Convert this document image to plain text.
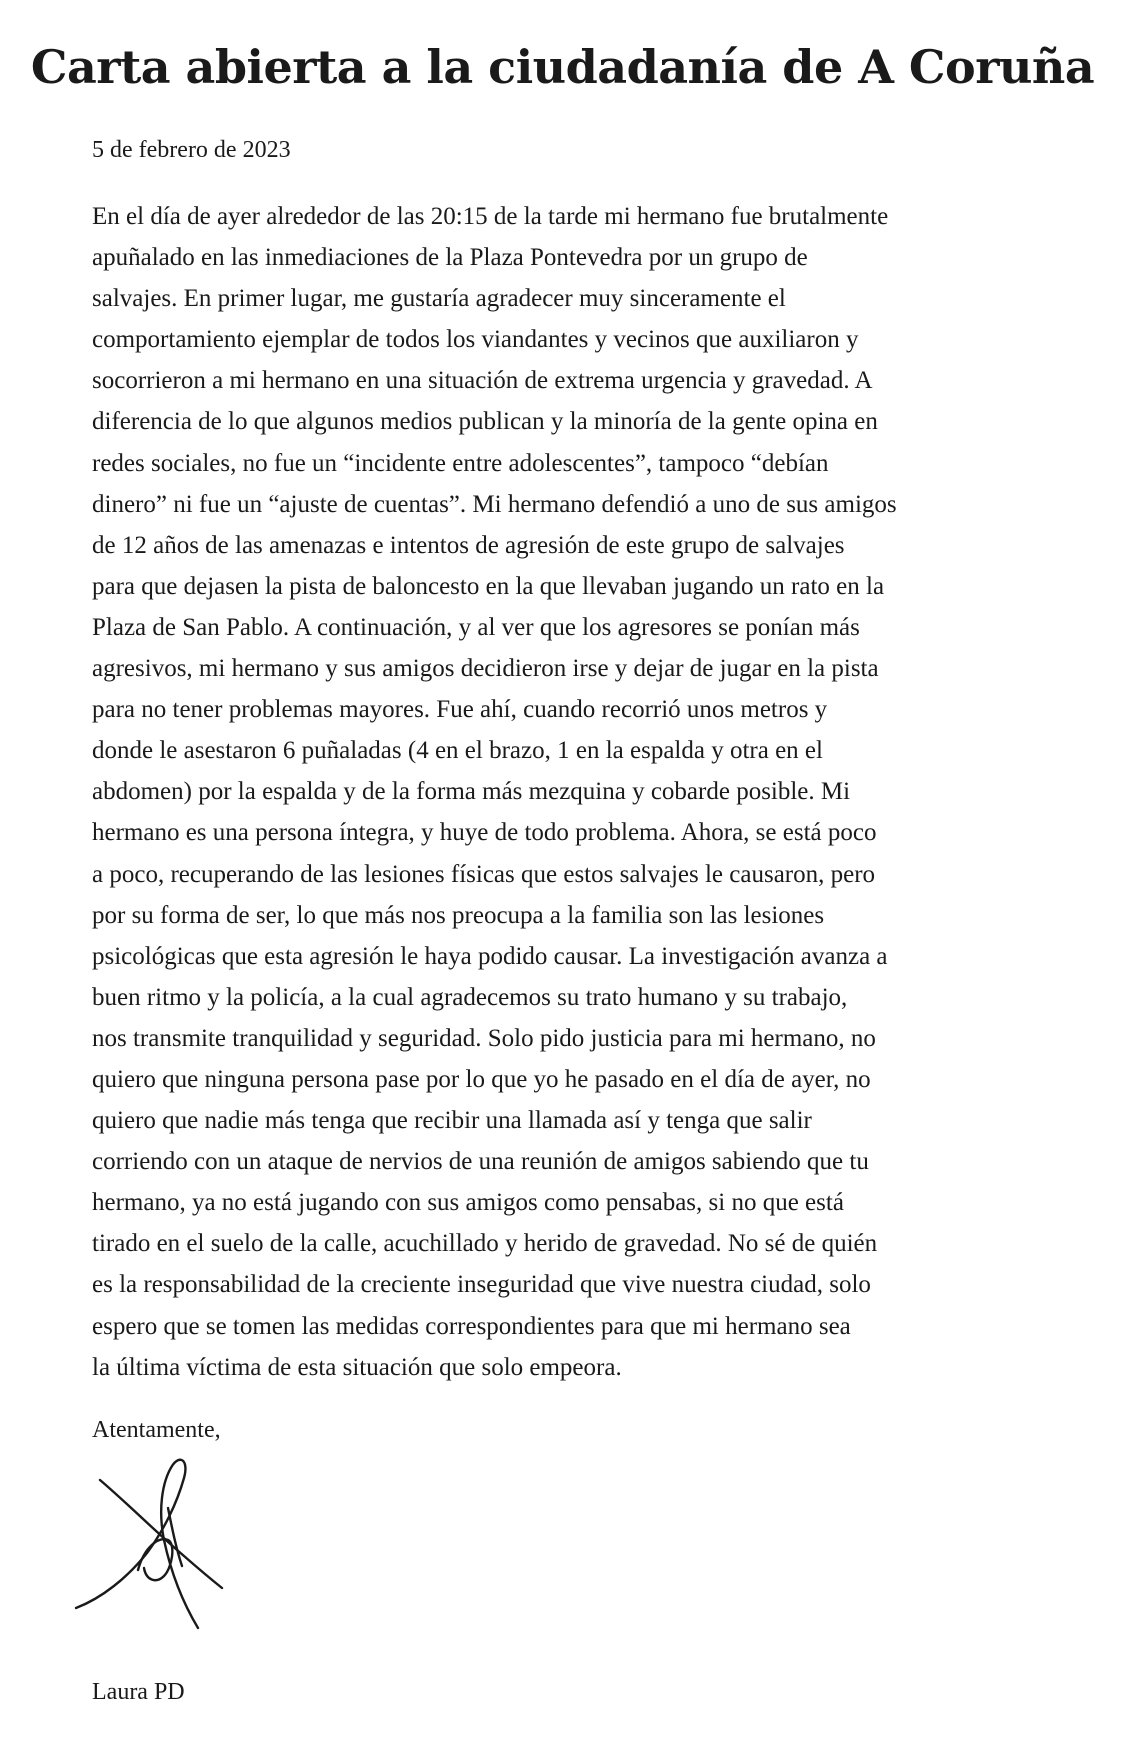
Carta abierta a la ciudadanía de A Coruña

5 de febrero de 2023

En el día de ayer alrededor de las 20:15 de la tarde mi hermano fue brutalmente
apuñalado en las inmediaciones de la Plaza Pontevedra por un grupo de
salvajes. En primer lugar, me gustaría agradecer muy sinceramente el
comportamiento ejemplar de todos los viandantes y vecinos que auxiliaron y
socorrieron a mi hermano en una situación de extrema urgencia y gravedad. A
diferencia de lo que algunos medios publican y la minoría de la gente opina en
redes sociales, no fue un “incidente entre adolescentes”, tampoco “debían
dinero” ni fue un “ajuste de cuentas”. Mi hermano defendió a uno de sus amigos
de 12 años de las amenazas e intentos de agresión de este grupo de salvajes
para que dejasen la pista de baloncesto en la que llevaban jugando un rato en la
Plaza de San Pablo. A continuación, y al ver que los agresores se ponían más
agresivos, mi hermano y sus amigos decidieron irse y dejar de jugar en la pista
para no tener problemas mayores. Fue ahí, cuando recorrió unos metros y
donde le asestaron 6 puñaladas (4 en el brazo, 1 en la espalda y otra en el
abdomen) por la espalda y de la forma más mezquina y cobarde posible. Mi
hermano es una persona íntegra, y huye de todo problema. Ahora, se está poco
a poco, recuperando de las lesiones físicas que estos salvajes le causaron, pero
por su forma de ser, lo que más nos preocupa a la familia son las lesiones
psicológicas que esta agresión le haya podido causar. La investigación avanza a
buen ritmo y la policía, a la cual agradecemos su trato humano y su trabajo,
nos transmite tranquilidad y seguridad. Solo pido justicia para mi hermano, no
quiero que ninguna persona pase por lo que yo he pasado en el día de ayer, no
quiero que nadie más tenga que recibir una llamada así y tenga que salir
corriendo con un ataque de nervios de una reunión de amigos sabiendo que tu
hermano, ya no está jugando con sus amigos como pensabas, si no que está
tirado en el suelo de la calle, acuchillado y herido de gravedad. No sé de quién
es la responsabilidad de la creciente inseguridad que vive nuestra ciudad, solo
espero que se tomen las medidas correspondientes para que mi hermano sea
la última víctima de esta situación que solo empeora.

Atentamente,

Laura PD
